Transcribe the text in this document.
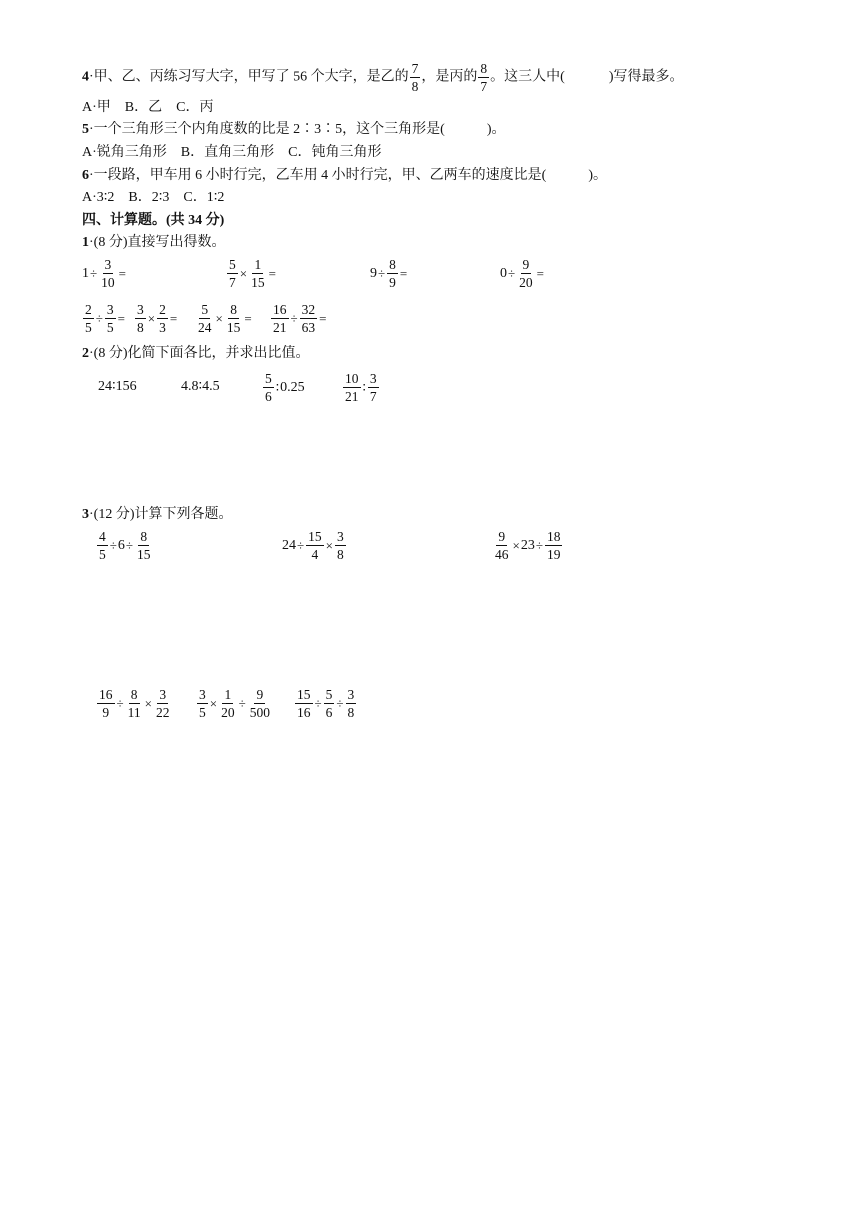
4·甲、乙、丙练习写大字，甲写了 56 个大字，是乙的 $\frac{7}{8}$ ，是丙的 $\frac{8}{7}$ 。这三人中(	)写得最多。
A·甲　B．乙　C．丙
5·一个三角形三个内角度数的比是 2∶3∶5，这个三角形是(	)。
A·锐角三角形　B．直角三角形　C．钝角三角形
6·一段路，甲车用 6 小时行完，乙车用 4 小时行完，甲、乙两车的速度比是(	)。
A·3∶2　B．2∶3　C．1∶2
四、计算题。(共 34 分)
1·(8 分)直接写出得数。
$1 \div \frac{3}{10}$ =	$\frac{5}{7} \times \frac{1}{15}$ =	$9 \div \frac{8}{9}$ =	$0 \div \frac{9}{20}$ =
$\frac{2}{5} \div \frac{3}{5} = \frac{3}{8} \times \frac{2}{3} = \frac{5}{24} \times \frac{8}{15} = \frac{16}{21} \div \frac{32}{63}$ =
2·(8 分)化简下面各比，并求出比值。
24∶156	4.8∶4.5	$\frac{5}{6}$ ∶ 0.25	$\frac{10}{21}$ ∶ $\frac{3}{7}$
3·(12 分)计算下列各题。
$\frac{4}{5} \div 6 \div \frac{8}{15}$	$24 \div \frac{15}{4} \times \frac{3}{8}$	$\frac{9}{46} \times 23 \div \frac{18}{19}$
$\frac{16}{9} \div \frac{8}{11} \times \frac{3}{22} \frac{3}{5} \times \frac{1}{20} \div \frac{9}{500} \frac{15}{16} \div \frac{5}{6} \div \frac{3}{8}$
